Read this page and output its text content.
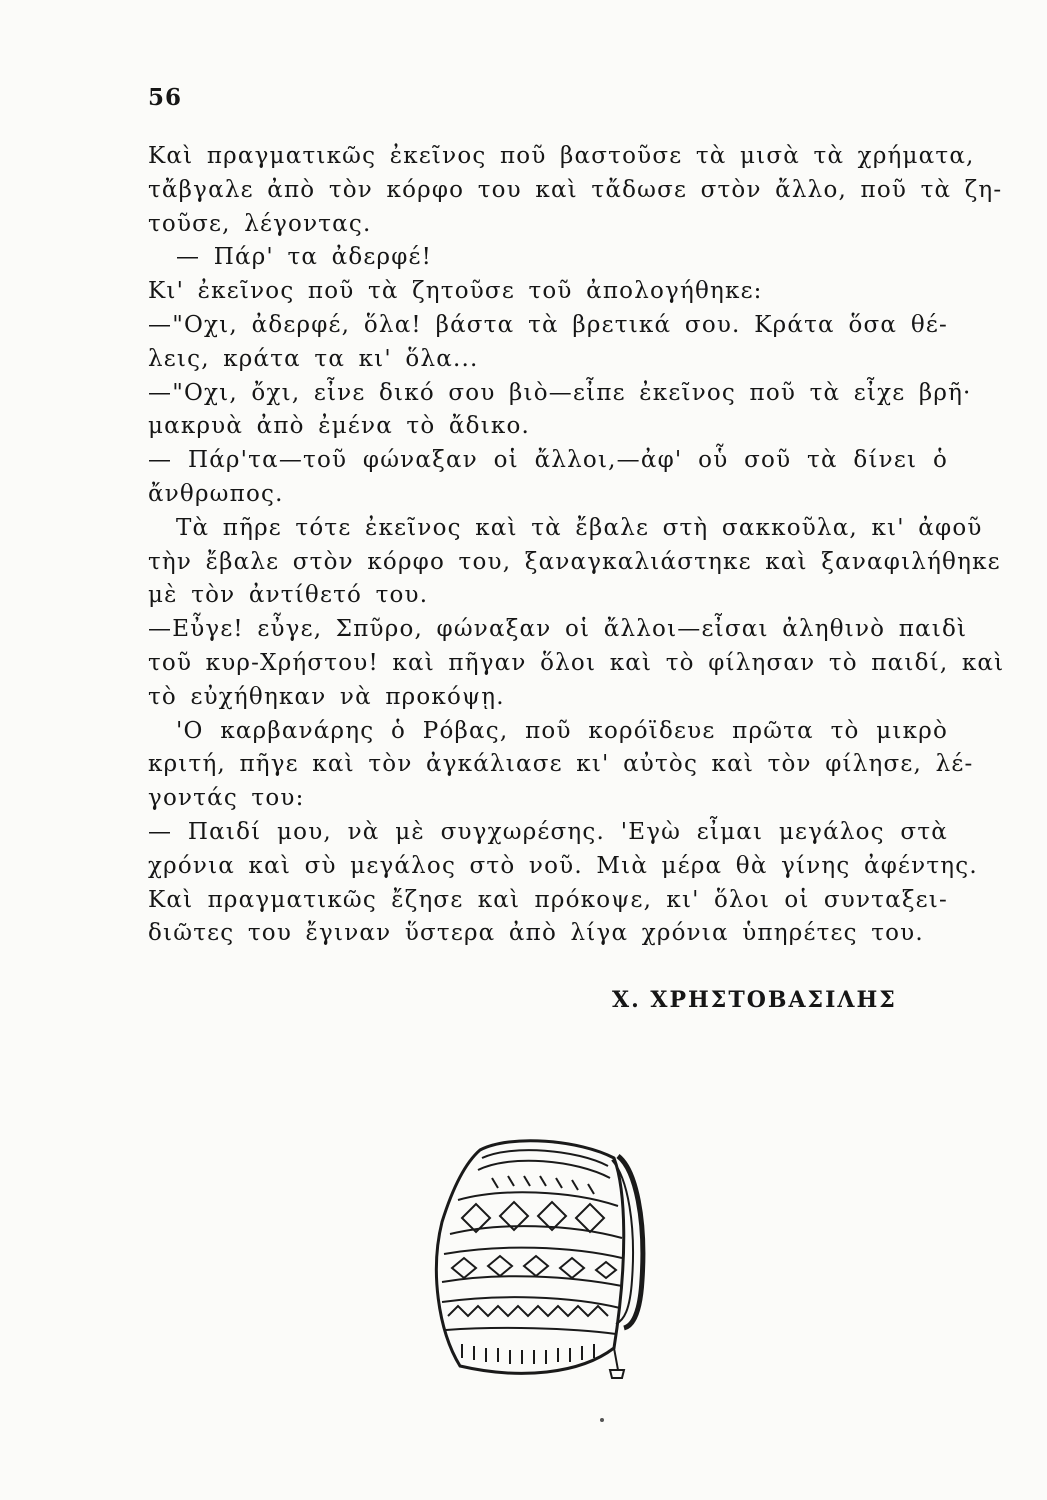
56
Καὶ πραγματικῶς ἐκεῖνος ποῦ βαστοῦσε τὰ μισὰ τὰ χρήματα,
τἄβγαλε ἀπὸ τὸν κόρφο του καὶ τἄδωσε στὸν ἄλλο, ποῦ τὰ ζη-
τοῦσε, λέγοντας.
— Πάρ' τα ἀδερφέ!
Κι' ἐκεῖνος ποῦ τὰ ζητοῦσε τοῦ ἀπολογήθηκε:
—"Οχι, ἀδερφέ, ὅλα! βάστα τὰ βρετικά σου. Κράτα ὅσα θέ-
λεις, κράτα τα κι' ὅλα...
—"Οχι, ὄχι, εἶνε δικό σου βιὸ—εἶπε ἐκεῖνος ποῦ τὰ εἶχε βρῆ·
μακρυὰ ἀπὸ ἐμένα τὸ ἄδικο.
— Πάρ'τα—τοῦ φώναξαν οἱ ἄλλοι,—ἀφ' οὗ σοῦ τὰ δίνει ὁ
ἄνθρωπος.
Τὰ πῆρε τότε ἐκεῖνος καὶ τὰ ἔβαλε στὴ σακκοῦλα, κι' ἀφοῦ
τὴν ἔβαλε στὸν κόρφο του, ξαναγκαλιάστηκε καὶ ξαναφιλήθηκε
μὲ τὸν ἀντίθετό του.
—Εὖγε! εὖγε, Σπῦρο, φώναξαν οἱ ἄλλοι—εἶσαι ἀληθινὸ παιδὶ
τοῦ κυρ-Χρήστου! καὶ πῆγαν ὅλοι καὶ τὸ φίλησαν τὸ παιδί, καὶ
τὸ εὐχήθηκαν νὰ προκόψῃ.
'Ο καρβανάρης ὁ Ρόβας, ποῦ κορόϊδευε πρῶτα τὸ μικρὸ
κριτή, πῆγε καὶ τὸν ἀγκάλιασε κι' αὐτὸς καὶ τὸν φίλησε, λέ-
γοντάς του:
— Παιδί μου, νὰ μὲ συγχωρέσης. 'Εγὼ εἶμαι μεγάλος στὰ
χρόνια καὶ σὺ μεγάλος στὸ νοῦ. Μιὰ μέρα θὰ γίνης ἀφέντης.
Καὶ πραγματικῶς ἔζησε καὶ πρόκοψε, κι' ὅλοι οἱ συνταξει-
διῶτες του ἔγιναν ὕστερα ἀπὸ λίγα χρόνια ὑπηρέτες του.
Χ. ΧΡΗΣΤΟΒΑΣΙΛΗΣ
